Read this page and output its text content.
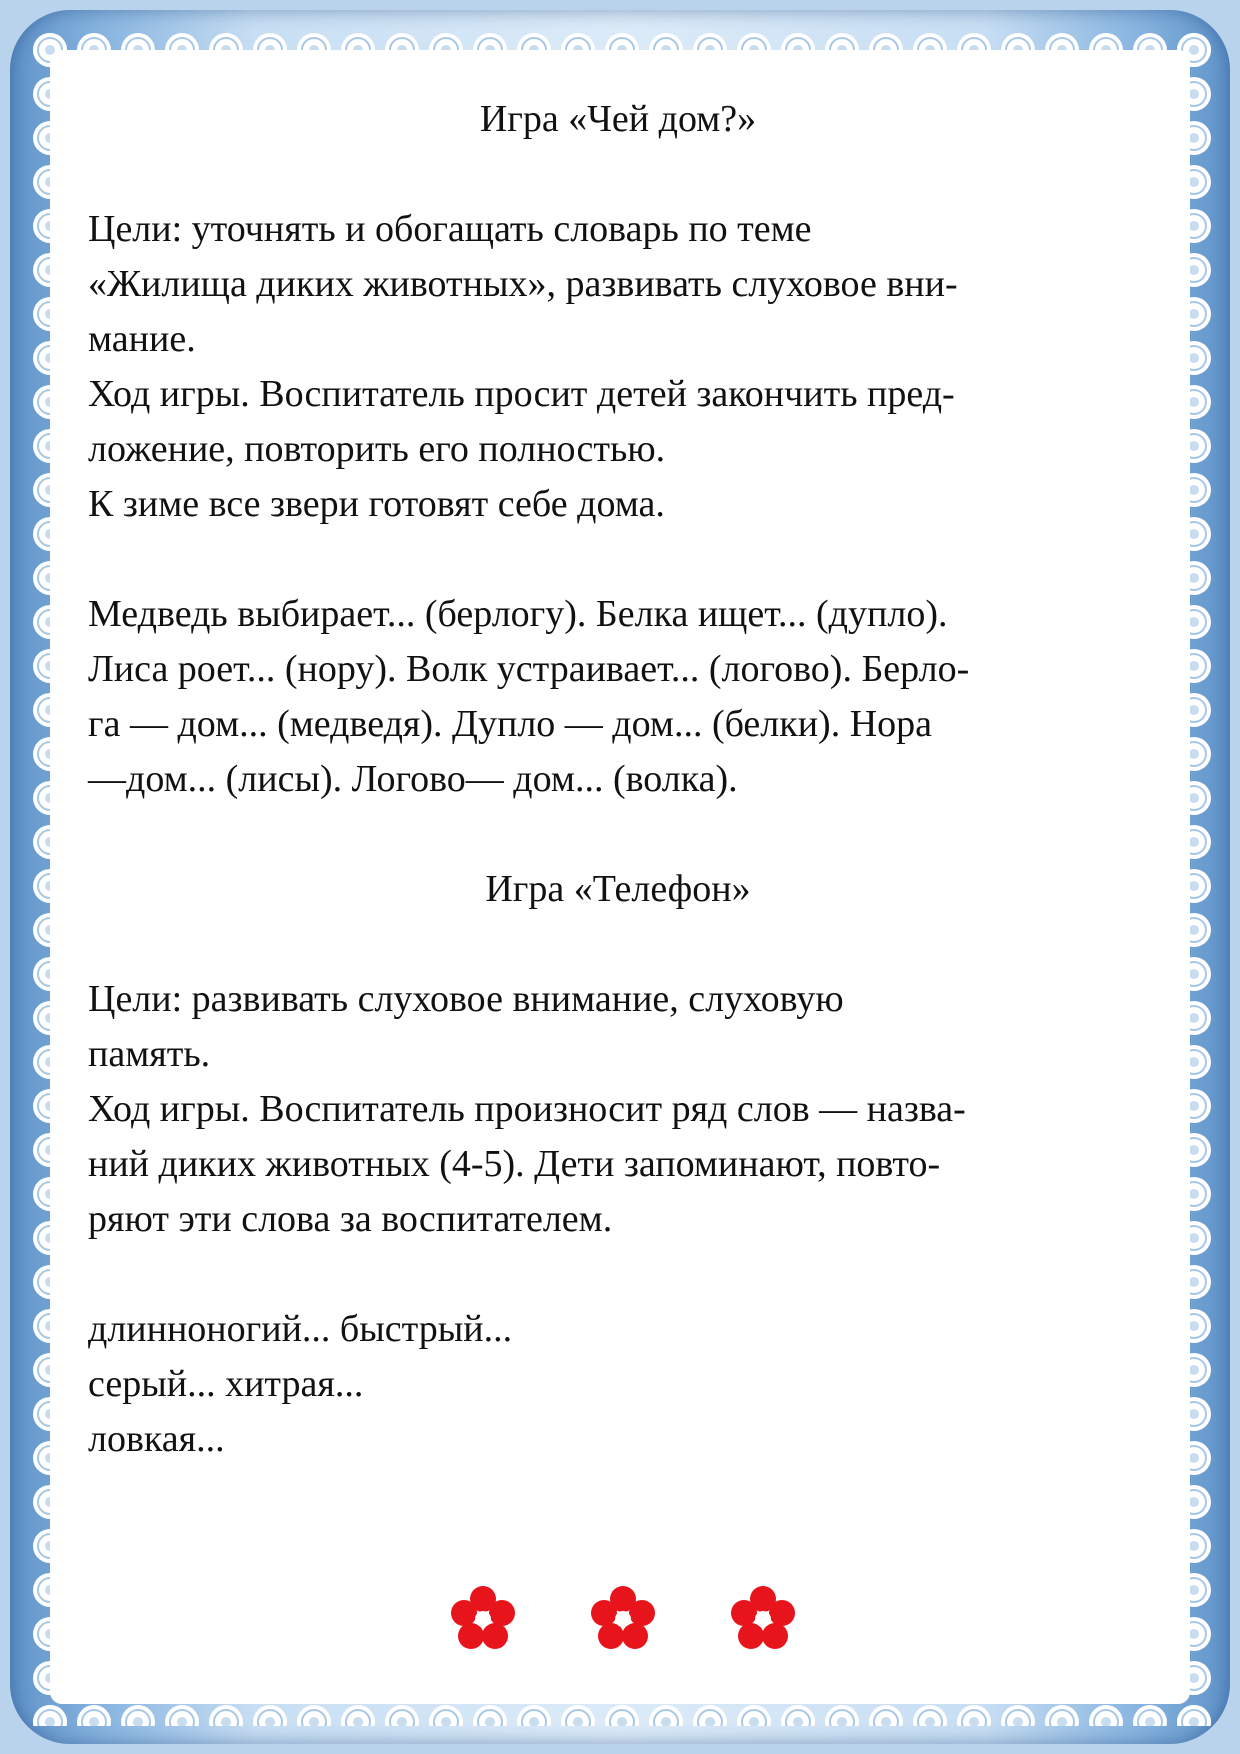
Игра «Чей дом?»
Цели: уточнять и обогащать словарь по теме
«Жилища диких животных», развивать слуховое вни-
мание.
Ход игры. Воспитатель просит детей закончить пред-
ложение, повторить его полностью.
К зиме все звери готовят себе дома.
Медведь выбирает... (берлогу). Белка ищет... (дупло).
Лиса роет... (нору). Волк устраивает... (логово). Берло-
га — дом... (медведя). Дупло — дом... (белки). Нора
—дом... (лисы). Логово— дом... (волка).
Игра «Телефон»
Цели: развивать слуховое внимание, слуховую
память.
Ход игры. Воспитатель произносит ряд слов — назва-
ний диких животных (4-5). Дети запоминают, повто-
ряют эти слова за воспитателем.
длинноногий... быстрый...
серый... хитрая...
ловкая...
